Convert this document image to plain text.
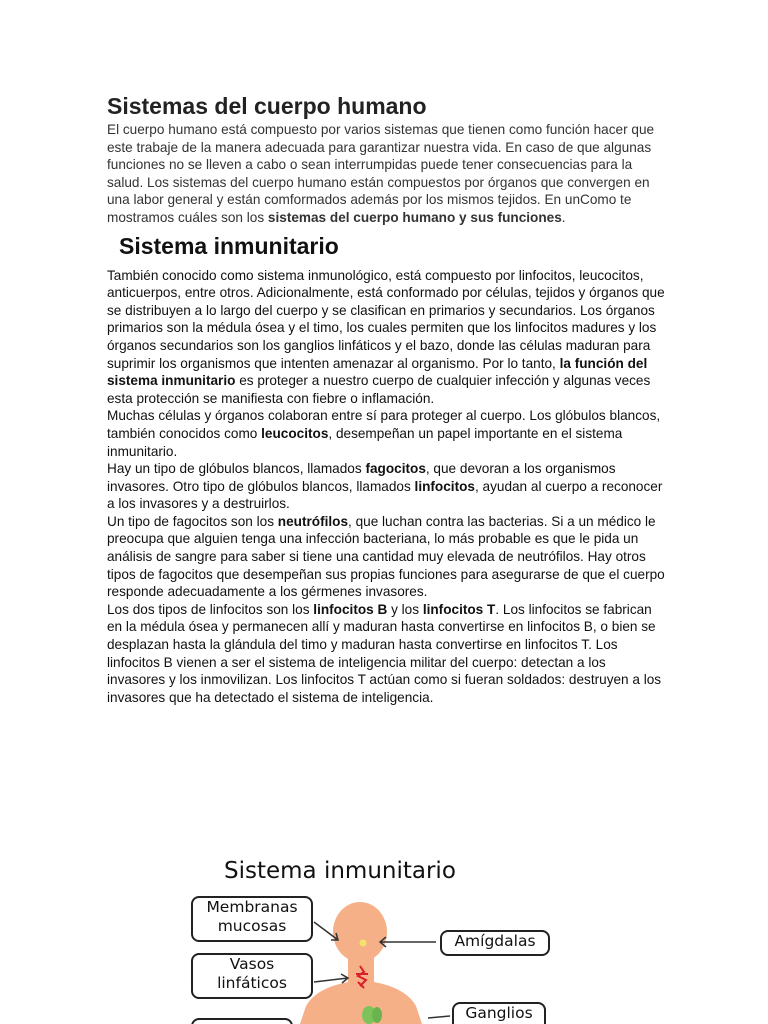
Sistemas del cuerpo humano

El cuerpo humano está compuesto por varios sistemas que tienen como función hacer que este trabaje de la manera adecuada para garantizar nuestra vida. En caso de que algunas funciones no se lleven a cabo o sean interrumpidas puede tener consecuencias para la salud. Los sistemas del cuerpo humano están compuestos por órganos que convergen en una labor general y están comformados además por los mismos tejidos. En unComo te mostramos cuáles son los sistemas del cuerpo humano y sus funciones.

Sistema inmunitario

También conocido como sistema inmunológico, está compuesto por linfocitos, leucocitos, anticuerpos, entre otros. Adicionalmente, está conformado por células, tejidos y órganos que se distribuyen a lo largo del cuerpo y se clasifican en primarios y secundarios. Los órganos primarios son la médula ósea y el timo, los cuales permiten que los linfocitos madures y los órganos secundarios son los ganglios linfáticos y el bazo, donde las células maduran para suprimir los organismos que intenten amenazar al organismo. Por lo tanto, la función del sistema inmunitario es proteger a nuestro cuerpo de cualquier infección y algunas veces esta protección se manifiesta con fiebre o inflamación.

Muchas células y órganos colaboran entre sí para proteger al cuerpo. Los glóbulos blancos, también conocidos como leucocitos, desempeñan un papel importante en el sistema inmunitario.

Hay un tipo de glóbulos blancos, llamados fagocitos, que devoran a los organismos invasores. Otro tipo de glóbulos blancos, llamados linfocitos, ayudan al cuerpo a reconocer a los invasores y a destruirlos.

Un tipo de fagocitos son los neutrófilos, que luchan contra las bacterias. Si a un médico le preocupa que alguien tenga una infección bacteriana, lo más probable es que le pida un análisis de sangre para saber si tiene una cantidad muy elevada de neutrófilos. Hay otros tipos de fagocitos que desempeñan sus propias funciones para asegurarse de que el cuerpo responde adecuadamente a los gérmenes invasores.

Los dos tipos de linfocitos son los linfocitos B y los linfocitos T. Los linfocitos se fabrican en la médula ósea y permanecen allí y maduran hasta convertirse en linfocitos B, o bien se desplazan hasta la glándula del timo y maduran hasta convertirse en linfocitos T. Los linfocitos B vienen a ser el sistema de inteligencia militar del cuerpo: detectan a los invasores y los inmovilizan. Los linfocitos T actúan como si fueran soldados: destruyen a los invasores que ha detectado el sistema de inteligencia.

Sistema inmunitario
Membranas mucosas
Vasos linfáticos
Amígdalas
Ganglios
